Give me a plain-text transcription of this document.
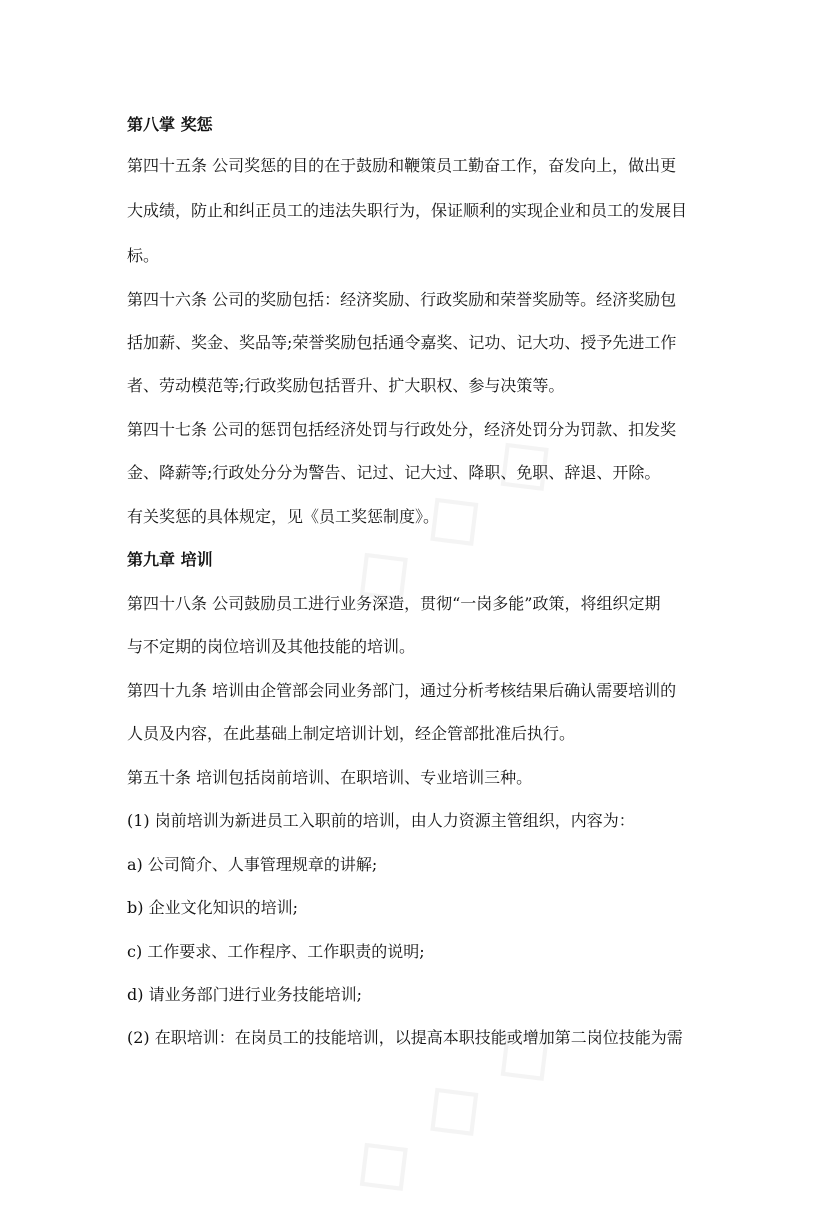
第八掌 奖惩
第四十五条 公司奖惩的目的在于鼓励和鞭策员工勤奋工作，奋发向上，做出更
大成绩，防止和纠正员工的违法失职行为，保证顺利的实现企业和员工的发展目
标。
第四十六条 公司的奖励包括：经济奖励、行政奖励和荣誉奖励等。经济奖励包
括加薪、奖金、奖品等;荣誉奖励包括通令嘉奖、记功、记大功、授予先进工作
者、劳动模范等;行政奖励包括晋升、扩大职权、参与决策等。
第四十七条 公司的惩罚包括经济处罚与行政处分，经济处罚分为罚款、扣发奖
金、降薪等;行政处分分为警告、记过、记大过、降职、免职、辞退、开除。
有关奖惩的具体规定，见《员工奖惩制度》。
第九章 培训
第四十八条 公司鼓励员工进行业务深造，贯彻“一岗多能”政策，将组织定期
与不定期的岗位培训及其他技能的培训。
第四十九条 培训由企管部会同业务部门，通过分析考核结果后确认需要培训的
人员及内容，在此基础上制定培训计划，经企管部批准后执行。
第五十条 培训包括岗前培训、在职培训、专业培训三种。
(1) 岗前培训为新进员工入职前的培训，由人力资源主管组织，内容为：
a) 公司简介、人事管理规章的讲解;
b) 企业文化知识的培训;
c) 工作要求、工作程序、工作职责的说明;
d) 请业务部门进行业务技能培训;
(2) 在职培训：在岗员工的技能培训，以提高本职技能或增加第二岗位技能为需
